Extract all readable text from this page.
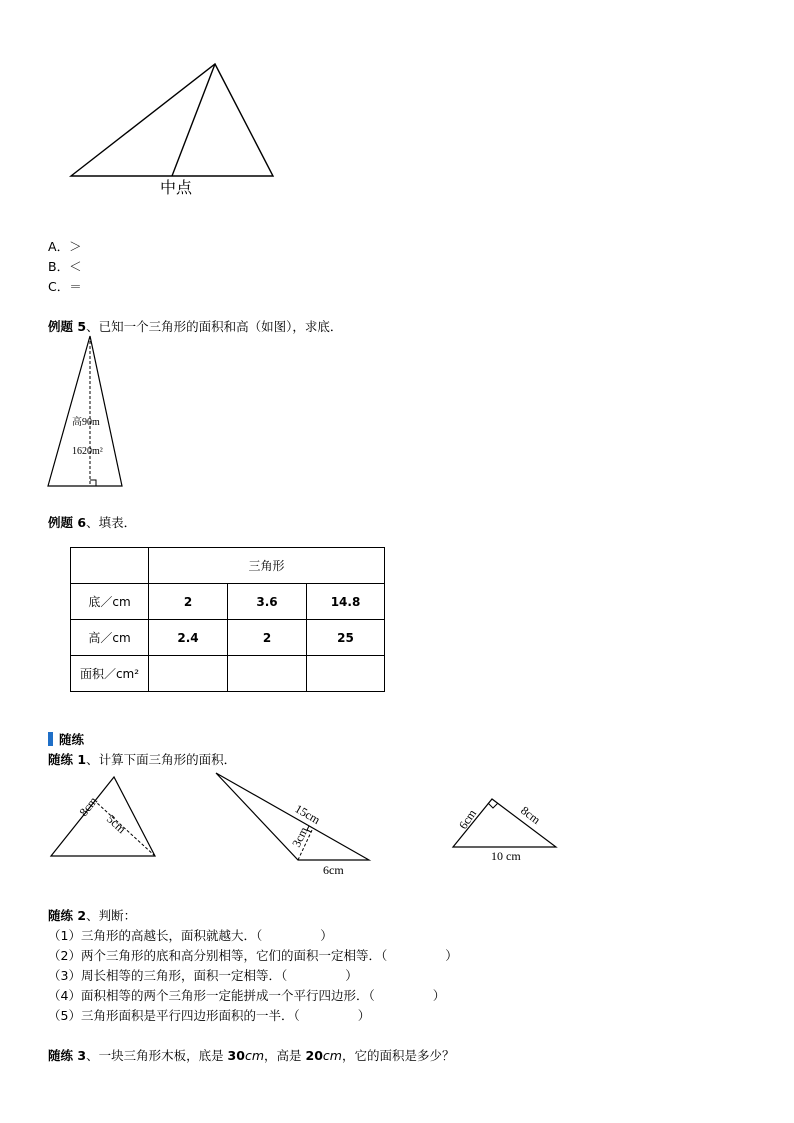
中点
A．＞
B．＜
C．＝
例题 5、已知一个三角形的面积和高（如图），求底．
高90m
1620m²
例题 6、填表．
	三角形		
底／cm	2	3.6	14.8
高／cm	2.4	2	25
面积／cm²			
随练
随练 1、计算下面三角形的面积．
8cm
5cm	15cm
3cm
6cm
6cm	8cm
10 cm
随练 2、判断：
（1）三角形的高越长，面积就越大．（	）
（2）两个三角形的底和高分别相等，它们的面积一定相等．（	）
（3）周长相等的三角形，面积一定相等．（	）
（4）面积相等的两个三角形一定能拼成一个平行四边形．（	）
（5）三角形面积是平行四边形面积的一半．（	）
随练 3、一块三角形木板，底是 30cm，高是 20cm，它的面积是多少？
